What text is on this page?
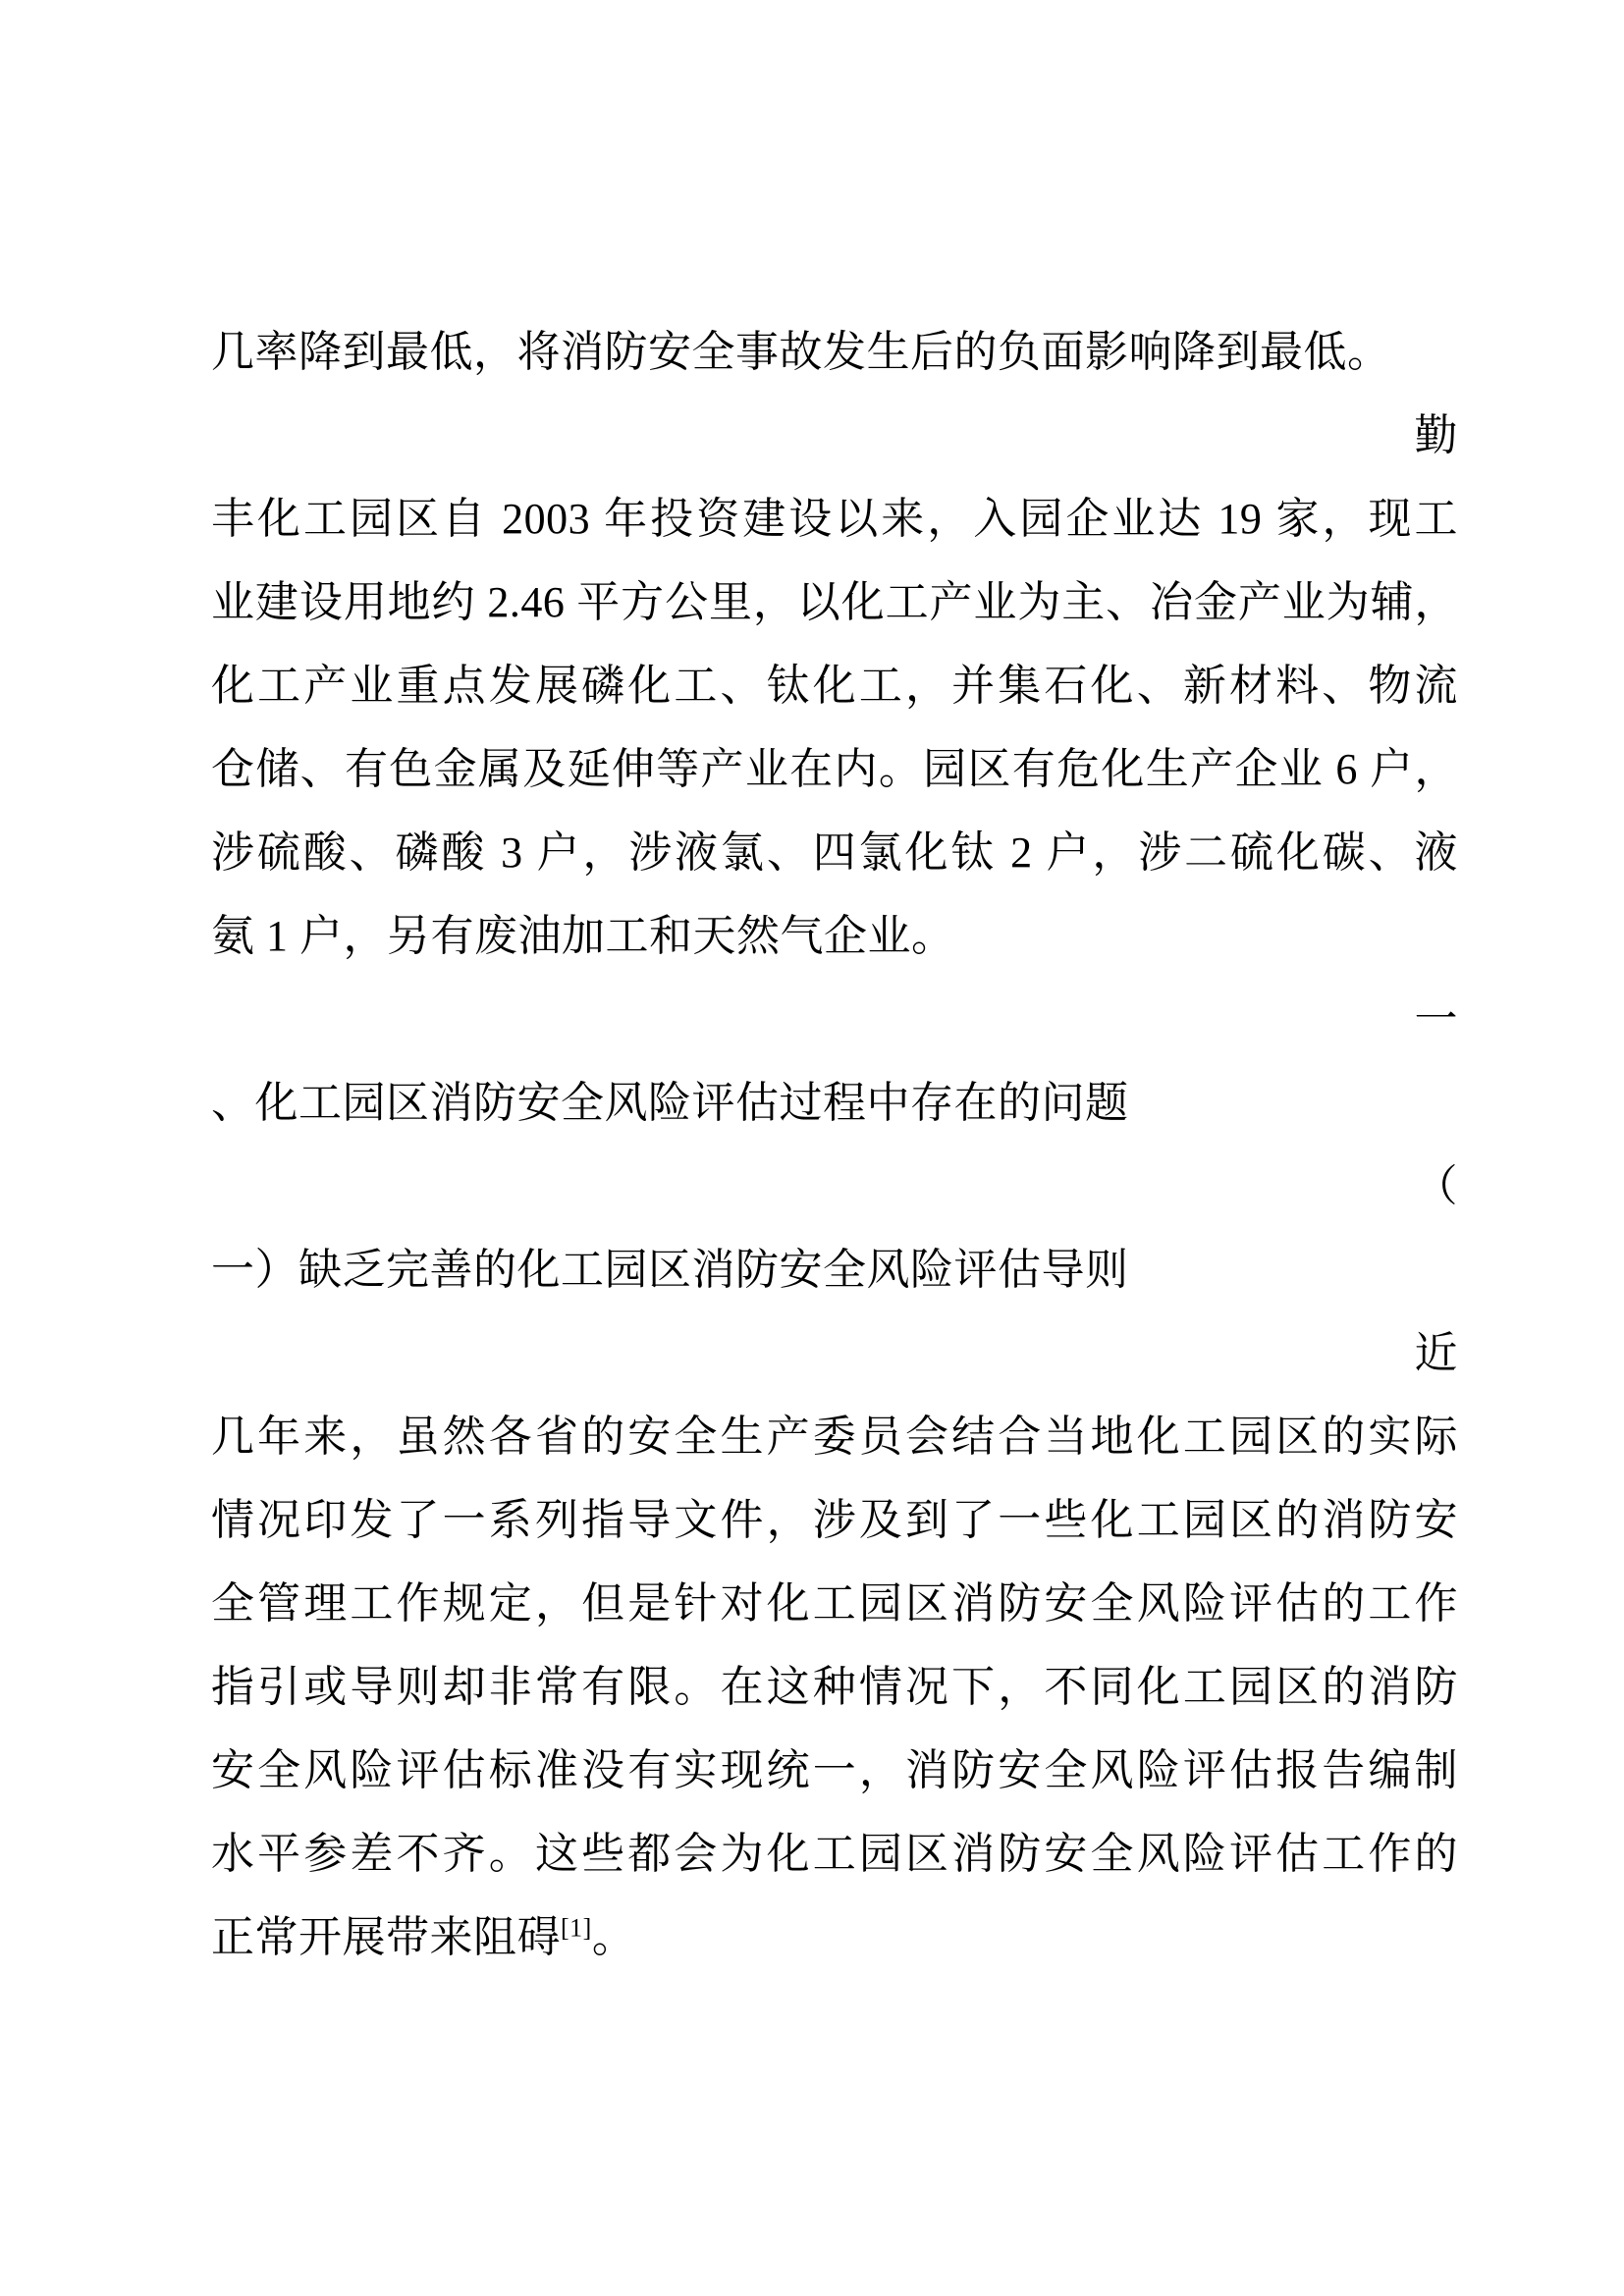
几率降到最低，将消防安全事故发生后的负面影响降到最低。
勤
丰化工园区自 2003 年投资建设以来，入园企业达 19 家，现工
业建设用地约 2.46 平方公里，以化工产业为主、冶金产业为辅，
化工产业重点发展磷化工、钛化工，并集石化、新材料、物流
仓储、有色金属及延伸等产业在内。园区有危化生产企业 6 户，
涉硫酸、磷酸 3 户，涉液氯、四氯化钛 2 户，涉二硫化碳、液
氨 1 户，另有废油加工和天然气企业。
一
、化工园区消防安全风险评估过程中存在的问题
（
一）缺乏完善的化工园区消防安全风险评估导则
近
几年来，虽然各省的安全生产委员会结合当地化工园区的实际
情况印发了一系列指导文件，涉及到了一些化工园区的消防安
全管理工作规定，但是针对化工园区消防安全风险评估的工作
指引或导则却非常有限。在这种情况下，不同化工园区的消防
安全风险评估标准没有实现统一，消防安全风险评估报告编制
水平参差不齐。这些都会为化工园区消防安全风险评估工作的
正常开展带来阻碍[1]。
